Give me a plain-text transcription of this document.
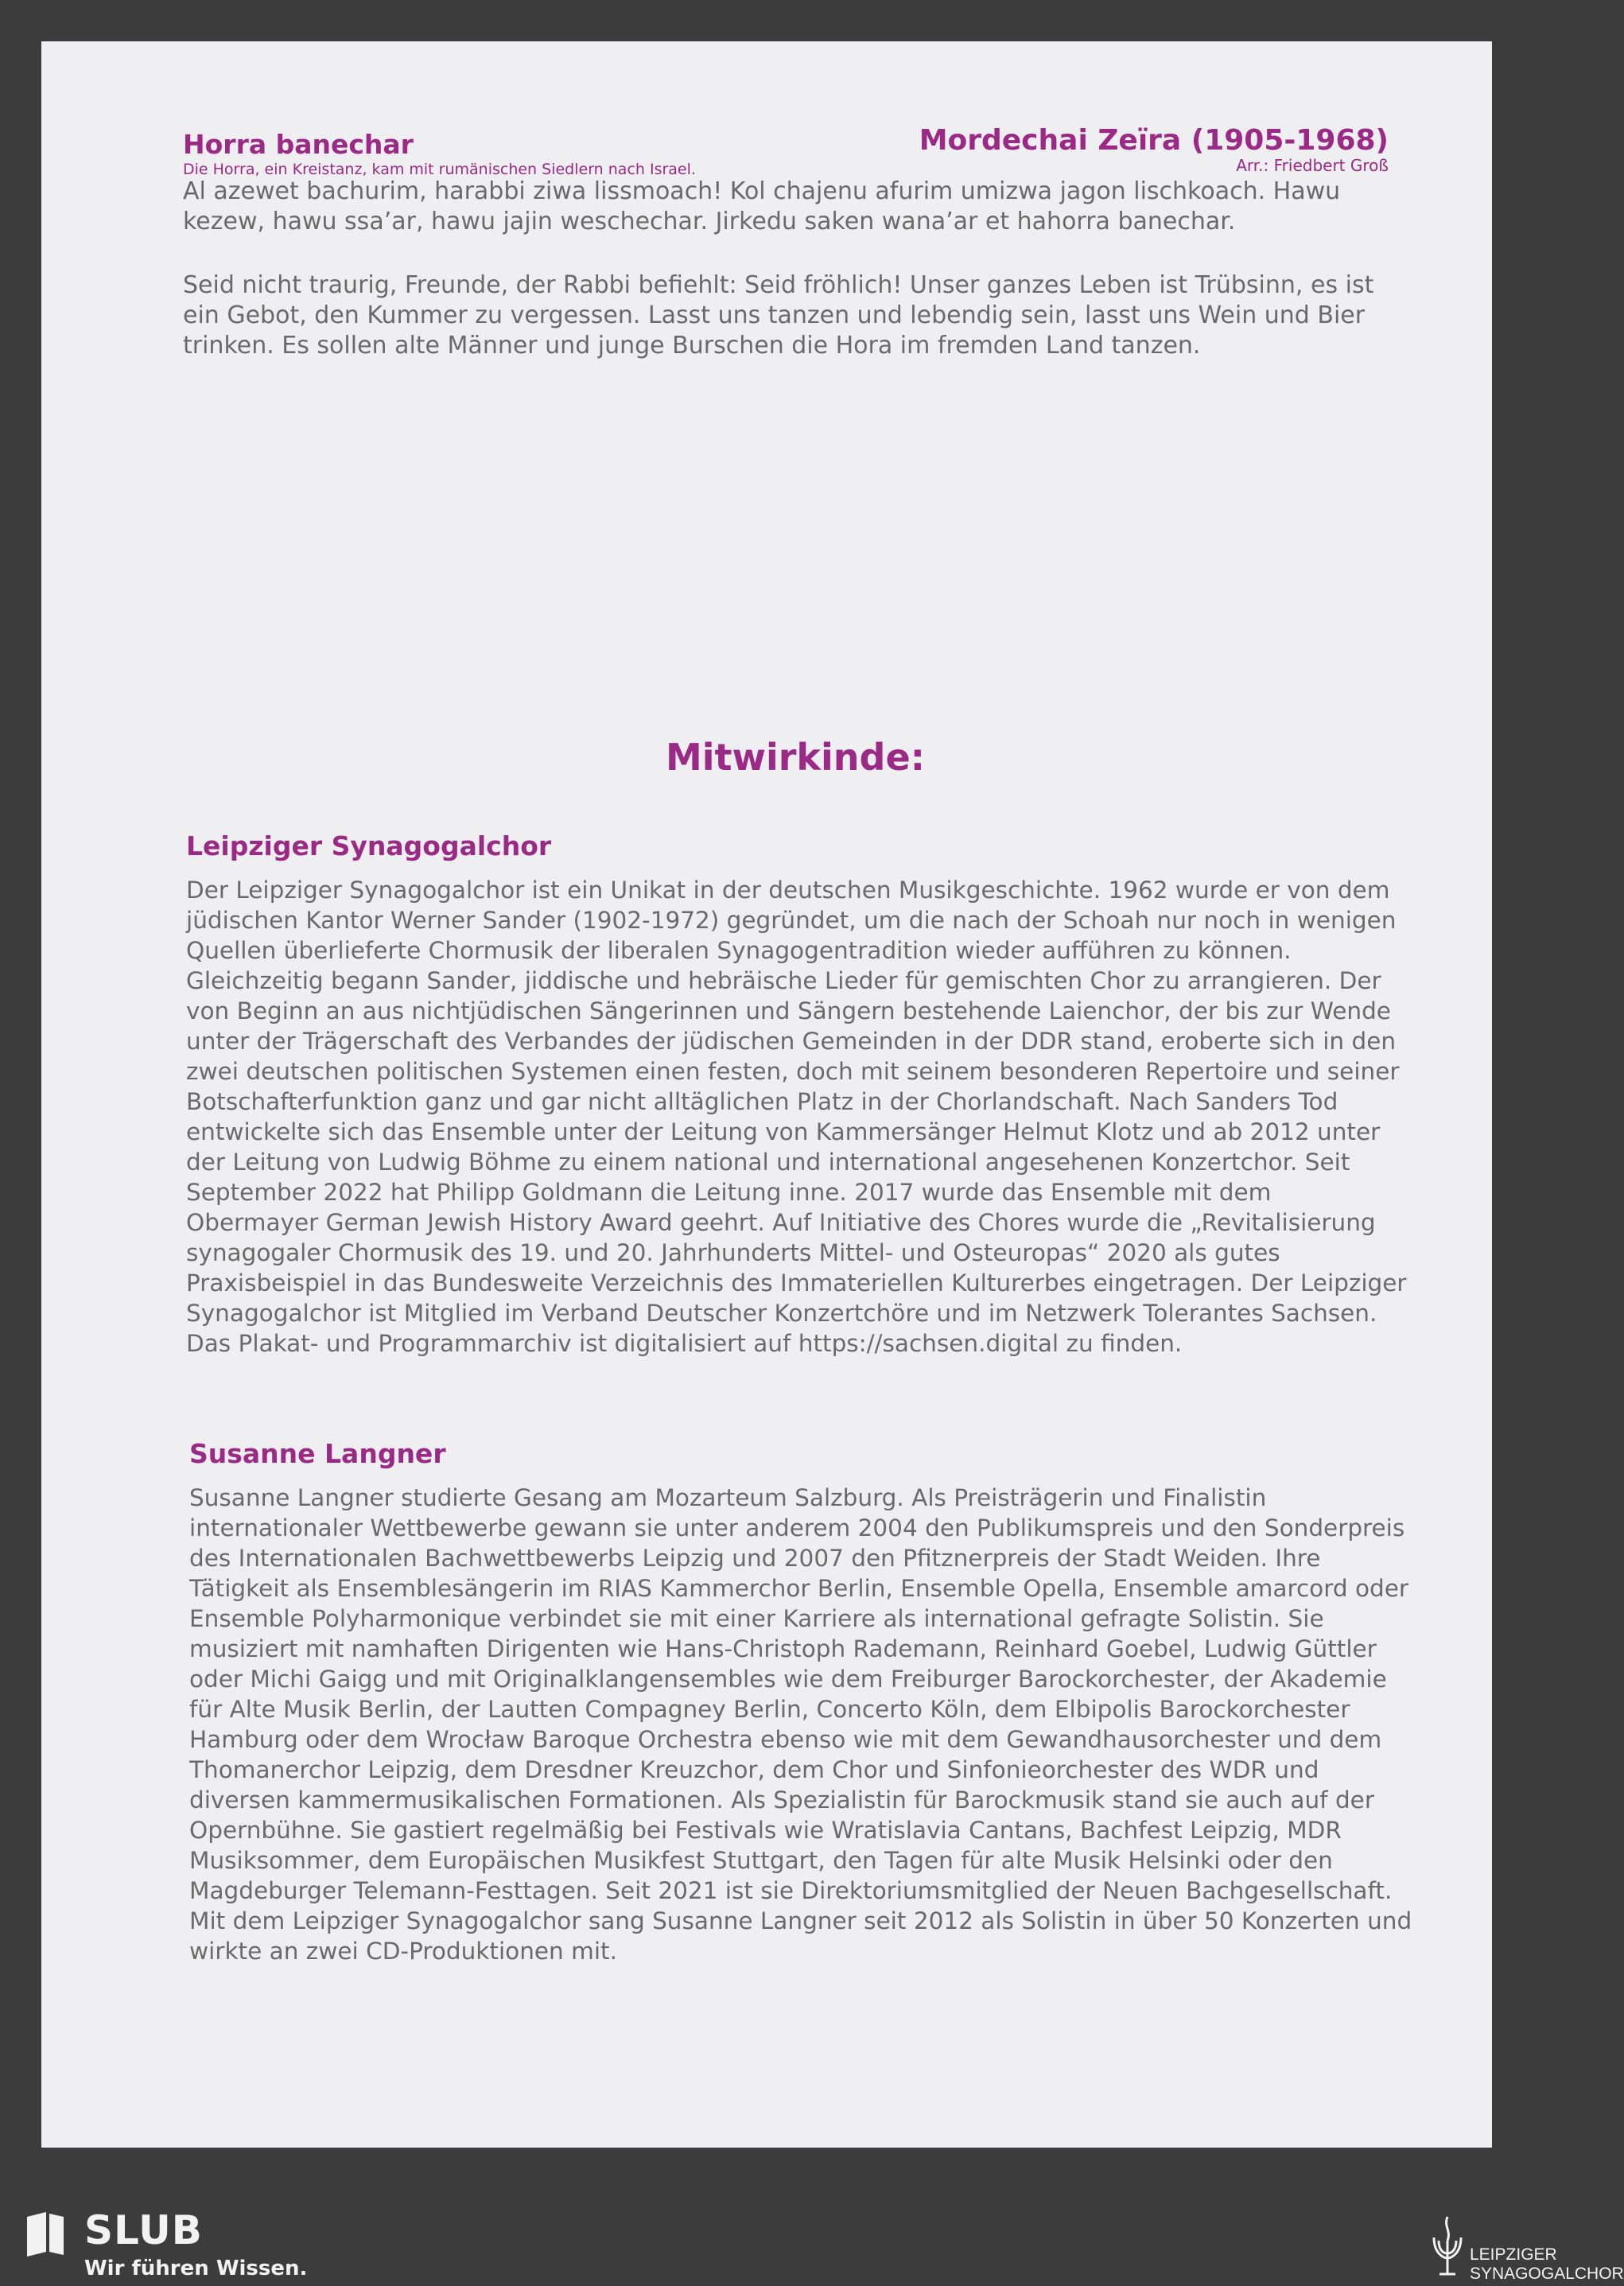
Horra banechar
Die Horra, ein Kreistanz, kam mit rumänischen Siedlern nach Israel.
Mordechai Zeïra (1905-1968)
Arr.: Friedbert Groß

Al azewet bachurim, harabbi ziwa lissmoach! Kol chajenu afurim umizwa jagon lischkoach. Hawu kezew, hawu ssa’ar, hawu jajin weschechar. Jirkedu saken wana’ar et hahorra banechar.

Seid nicht traurig, Freunde, der Rabbi befiehlt: Seid fröhlich! Unser ganzes Leben ist Trübsinn, es ist ein Gebot, den Kummer zu vergessen. Lasst uns tanzen und lebendig sein, lasst uns Wein und Bier trinken. Es sollen alte Männer und junge Burschen die Hora im fremden Land tanzen.

Mitwirkinde:
Leipziger Synagogalchor

Der Leipziger Synagogalchor ist ein Unikat in der deutschen Musikgeschichte. 1962 wurde er von dem jüdischen Kantor Werner Sander (1902-1972) gegründet, um die nach der Schoah nur noch in wenigen Quellen überlieferte Chormusik der liberalen Synagogentradition wieder aufführen zu können. Gleichzeitig begann Sander, jiddische und hebräische Lieder für gemischten Chor zu arrangieren. Der von Beginn an aus nichtjüdischen Sängerinnen und Sängern bestehende Laienchor, der bis zur Wende unter der Trägerschaft des Verbandes der jüdischen Gemeinden in der DDR stand, eroberte sich in den zwei deutschen politischen Systemen einen festen, doch mit seinem besonderen Repertoire und seiner Botschafterfunktion ganz und gar nicht alltäglichen Platz in der Chorlandschaft. Nach Sanders Tod entwickelte sich das Ensemble unter der Leitung von Kammersänger Helmut Klotz und ab 2012 unter der Leitung von Ludwig Böhme zu einem national und international angesehenen Konzertchor. Seit September 2022 hat Philipp Goldmann die Leitung inne. 2017 wurde das Ensemble mit dem Obermayer German Jewish History Award geehrt. Auf Initiative des Chores wurde die „Revitalisierung synagogaler Chormusik des 19. und 20. Jahrhunderts Mittel- und Osteuropas“ 2020 als gutes Praxisbeispiel in das Bundesweite Verzeichnis des Immateriellen Kulturerbes eingetragen. Der Leipziger Synagogalchor ist Mitglied im Verband Deutscher Konzertchöre und im Netzwerk Tolerantes Sachsen. Das Plakat- und Programmarchiv ist digitalisiert auf https://sachsen.digital zu finden.

Susanne Langner

Susanne Langner studierte Gesang am Mozarteum Salzburg. Als Preisträgerin und Finalistin internationaler Wettbewerbe gewann sie unter anderem 2004 den Publikumspreis und den Sonderpreis des Internationalen Bachwettbewerbs Leipzig und 2007 den Pfitznerpreis der Stadt Weiden. Ihre Tätigkeit als Ensemblesängerin im RIAS Kammerchor Berlin, Ensemble Opella, Ensemble amarcord oder Ensemble Polyharmonique verbindet sie mit einer Karriere als international gefragte Solistin. Sie musiziert mit namhaften Dirigenten wie Hans-Christoph Rademann, Reinhard Goebel, Ludwig Güttler oder Michi Gaigg und mit Originalklangensembles wie dem Freiburger Barockorchester, der Akademie für Alte Musik Berlin, der Lautten Compagney Berlin, Concerto Köln, dem Elbipolis Barockorchester Hamburg oder dem Wrocław Baroque Orchestra ebenso wie mit dem Gewandhausorchester und dem Thomanerchor Leipzig, dem Dresdner Kreuzchor, dem Chor und Sinfonieorchester des WDR und diversen kammermusikalischen Formationen. Als Spezialistin für Barockmusik stand sie auch auf der Opernbühne. Sie gastiert regelmäßig bei Festivals wie Wratislavia Cantans, Bachfest Leipzig, MDR Musiksommer, dem Europäischen Musikfest Stuttgart, den Tagen für alte Musik Helsinki oder den Magdeburger Telemann-Festtagen. Seit 2021 ist sie Direktoriumsmitglied der Neuen Bachgesellschaft. Mit dem Leipziger Synagogalchor sang Susanne Langner seit 2012 als Solistin in über 50 Konzerten und wirkte an zwei CD-Produktionen mit.

SLUB
Wir führen Wissen.
LEIPZIGER
SYNAGOGALCHOR
